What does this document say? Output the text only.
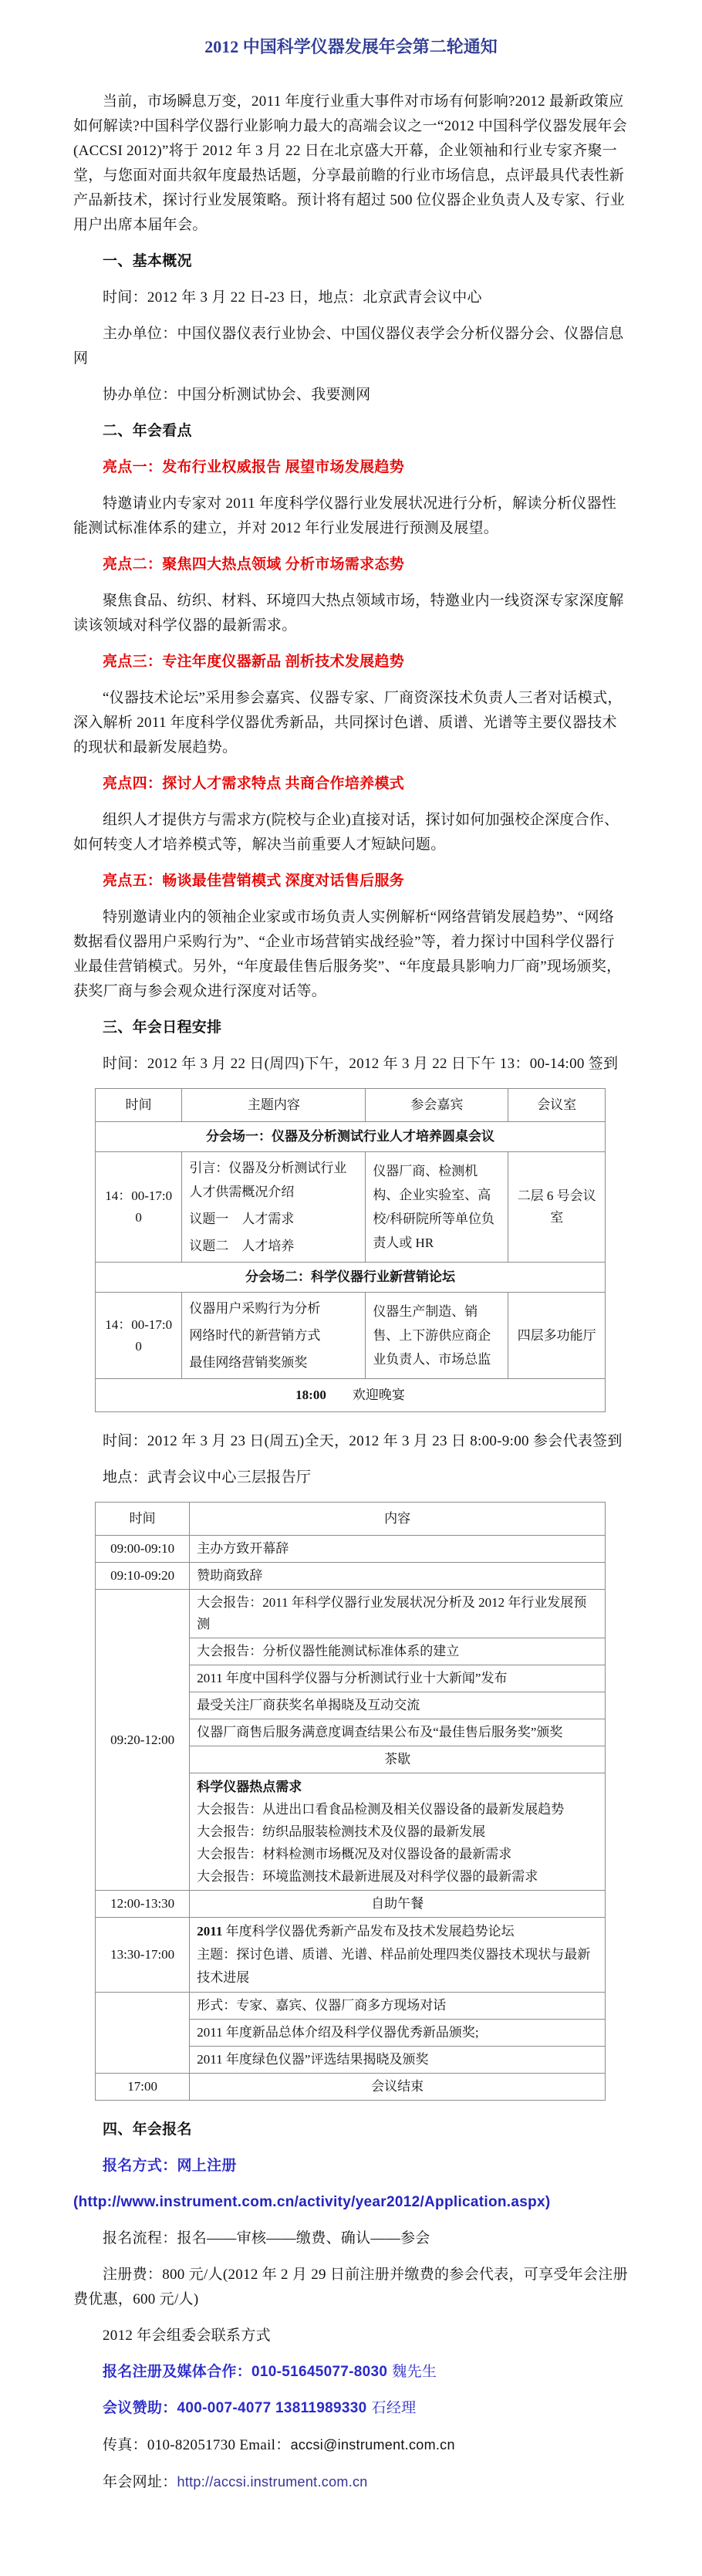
2012 中国科学仪器发展年会第二轮通知

当前，市场瞬息万变，2011 年度行业重大事件对市场有何影响?2012 最新政策应如何解读?中国科学仪器行业影响力最大的高端会议之一“2012 中国科学仪器发展年会(ACCSI 2012)”将于 2012 年 3 月 22 日在北京盛大开幕，企业领袖和行业专家齐聚一堂，与您面对面共叙年度最热话题，分享最前瞻的行业市场信息，点评最具代表性新产品新技术，探讨行业发展策略。预计将有超过 500 位仪器企业负责人及专家、行业用户出席本届年会。

一、基本概况

时间：2012 年 3 月 22 日-23 日，地点：北京武青会议中心

主办单位：中国仪器仪表行业协会、中国仪器仪表学会分析仪器分会、仪器信息网

协办单位：中国分析测试协会、我要测网

二、年会看点

亮点一：发布行业权威报告 展望市场发展趋势

特邀请业内专家对 2011 年度科学仪器行业发展状况进行分析，解读分析仪器性能测试标准体系的建立，并对 2012 年行业发展进行预测及展望。

亮点二：聚焦四大热点领域 分析市场需求态势

聚焦食品、纺织、材料、环境四大热点领域市场，特邀业内一线资深专家深度解读该领域对科学仪器的最新需求。

亮点三：专注年度仪器新品 剖析技术发展趋势

“仪器技术论坛”采用参会嘉宾、仪器专家、厂商资深技术负责人三者对话模式，深入解析 2011 年度科学仪器优秀新品，共同探讨色谱、质谱、光谱等主要仪器技术的现状和最新发展趋势。

亮点四：探讨人才需求特点 共商合作培养模式

组织人才提供方与需求方(院校与企业)直接对话，探讨如何加强校企深度合作、如何转变人才培养模式等，解决当前重要人才短缺问题。

亮点五：畅谈最佳营销模式 深度对话售后服务

特别邀请业内的领袖企业家或市场负责人实例解析“网络营销发展趋势”、“网络数据看仪器用户采购行为”、“企业市场营销实战经验”等，着力探讨中国科学仪器行业最佳营销模式。另外，“年度最佳售后服务奖”、“年度最具影响力厂商”现场颁奖，获奖厂商与参会观众进行深度对话等。

三、年会日程安排

时间：2012 年 3 月 22 日(周四)下午，2012 年 3 月 22 日下午 13：00-14:00 签到

时间	主题内容	参会嘉宾	会议室
分会场一：仪器及分析测试行业人才培养圆桌会议			
14：00-17:00	引言：仪器及分析测试行业人才供需概况介绍
议题一　人才需求
议题二　人才培养	仪器厂商、检测机构、企业实验室、高校/科研院所等单位负责人或 HR	二层 6 号会议室
分会场二：科学仪器行业新营销论坛			
14：00-17:00	仪器用户采购行为分析
网络时代的新营销方式
最佳网络营销奖颁奖	仪器生产制造、销售、上下游供应商企业负责人、市场总监	四层多功能厅
18:00 欢迎晚宴			

时间：2012 年 3 月 23 日(周五)全天，2012 年 3 月 23 日 8:00-9:00 参会代表签到

地点：武青会议中心三层报告厅

时间	内容
09:00-09:10	主办方致开幕辞
09:10-09:20	赞助商致辞
09:20-12:00	大会报告：2011 年科学仪器行业发展状况分析及 2012 年行业发展预测
	大会报告：分析仪器性能测试标准体系的建立
	2011 年度中国科学仪器与分析测试行业十大新闻”发布
	最受关注厂商获奖名单揭晓及互动交流
	仪器厂商售后服务满意度调查结果公布及“最佳售后服务奖”颁奖
	茶歇

	科学仪器热点需求
大会报告：从进出口看食品检测及相关仪器设备的最新发展趋势
大会报告：纺织品服装检测技术及仪器的最新发展
大会报告：材料检测市场概况及对仪器设备的最新需求
大会报告：环境监测技术最新进展及对科学仪器的最新需求

12:00-13:30	自助午餐
13:30-17:00	2011 年度科学仪器优秀新产品发布及技术发展趋势论坛
主题：探讨色谱、质谱、光谱、样品前处理四类仪器技术现状与最新技术进展

	形式：专家、嘉宾、仪器厂商多方现场对话
	2011 年度新品总体介绍及科学仪器优秀新品颁奖;
	2011 年度绿色仪器”评选结果揭晓及颁奖
17:00	会议结束

四、年会报名

报名方式：网上注册

(http://www.instrument.com.cn/activity/year2012/Application.aspx)

报名流程：报名——审核——缴费、确认——参会

注册费：800 元/人(2012 年 2 月 29 日前注册并缴费的参会代表，可享受年会注册费优惠，600 元/人)

2012 年会组委会联系方式

报名注册及媒体合作：010-51645077-8030 魏先生

会议赞助：400-007-4077 13811989330 石经理

传真：010-82051730 Email：accsi@instrument.com.cn

年会网址：http://accsi.instrument.com.cn
